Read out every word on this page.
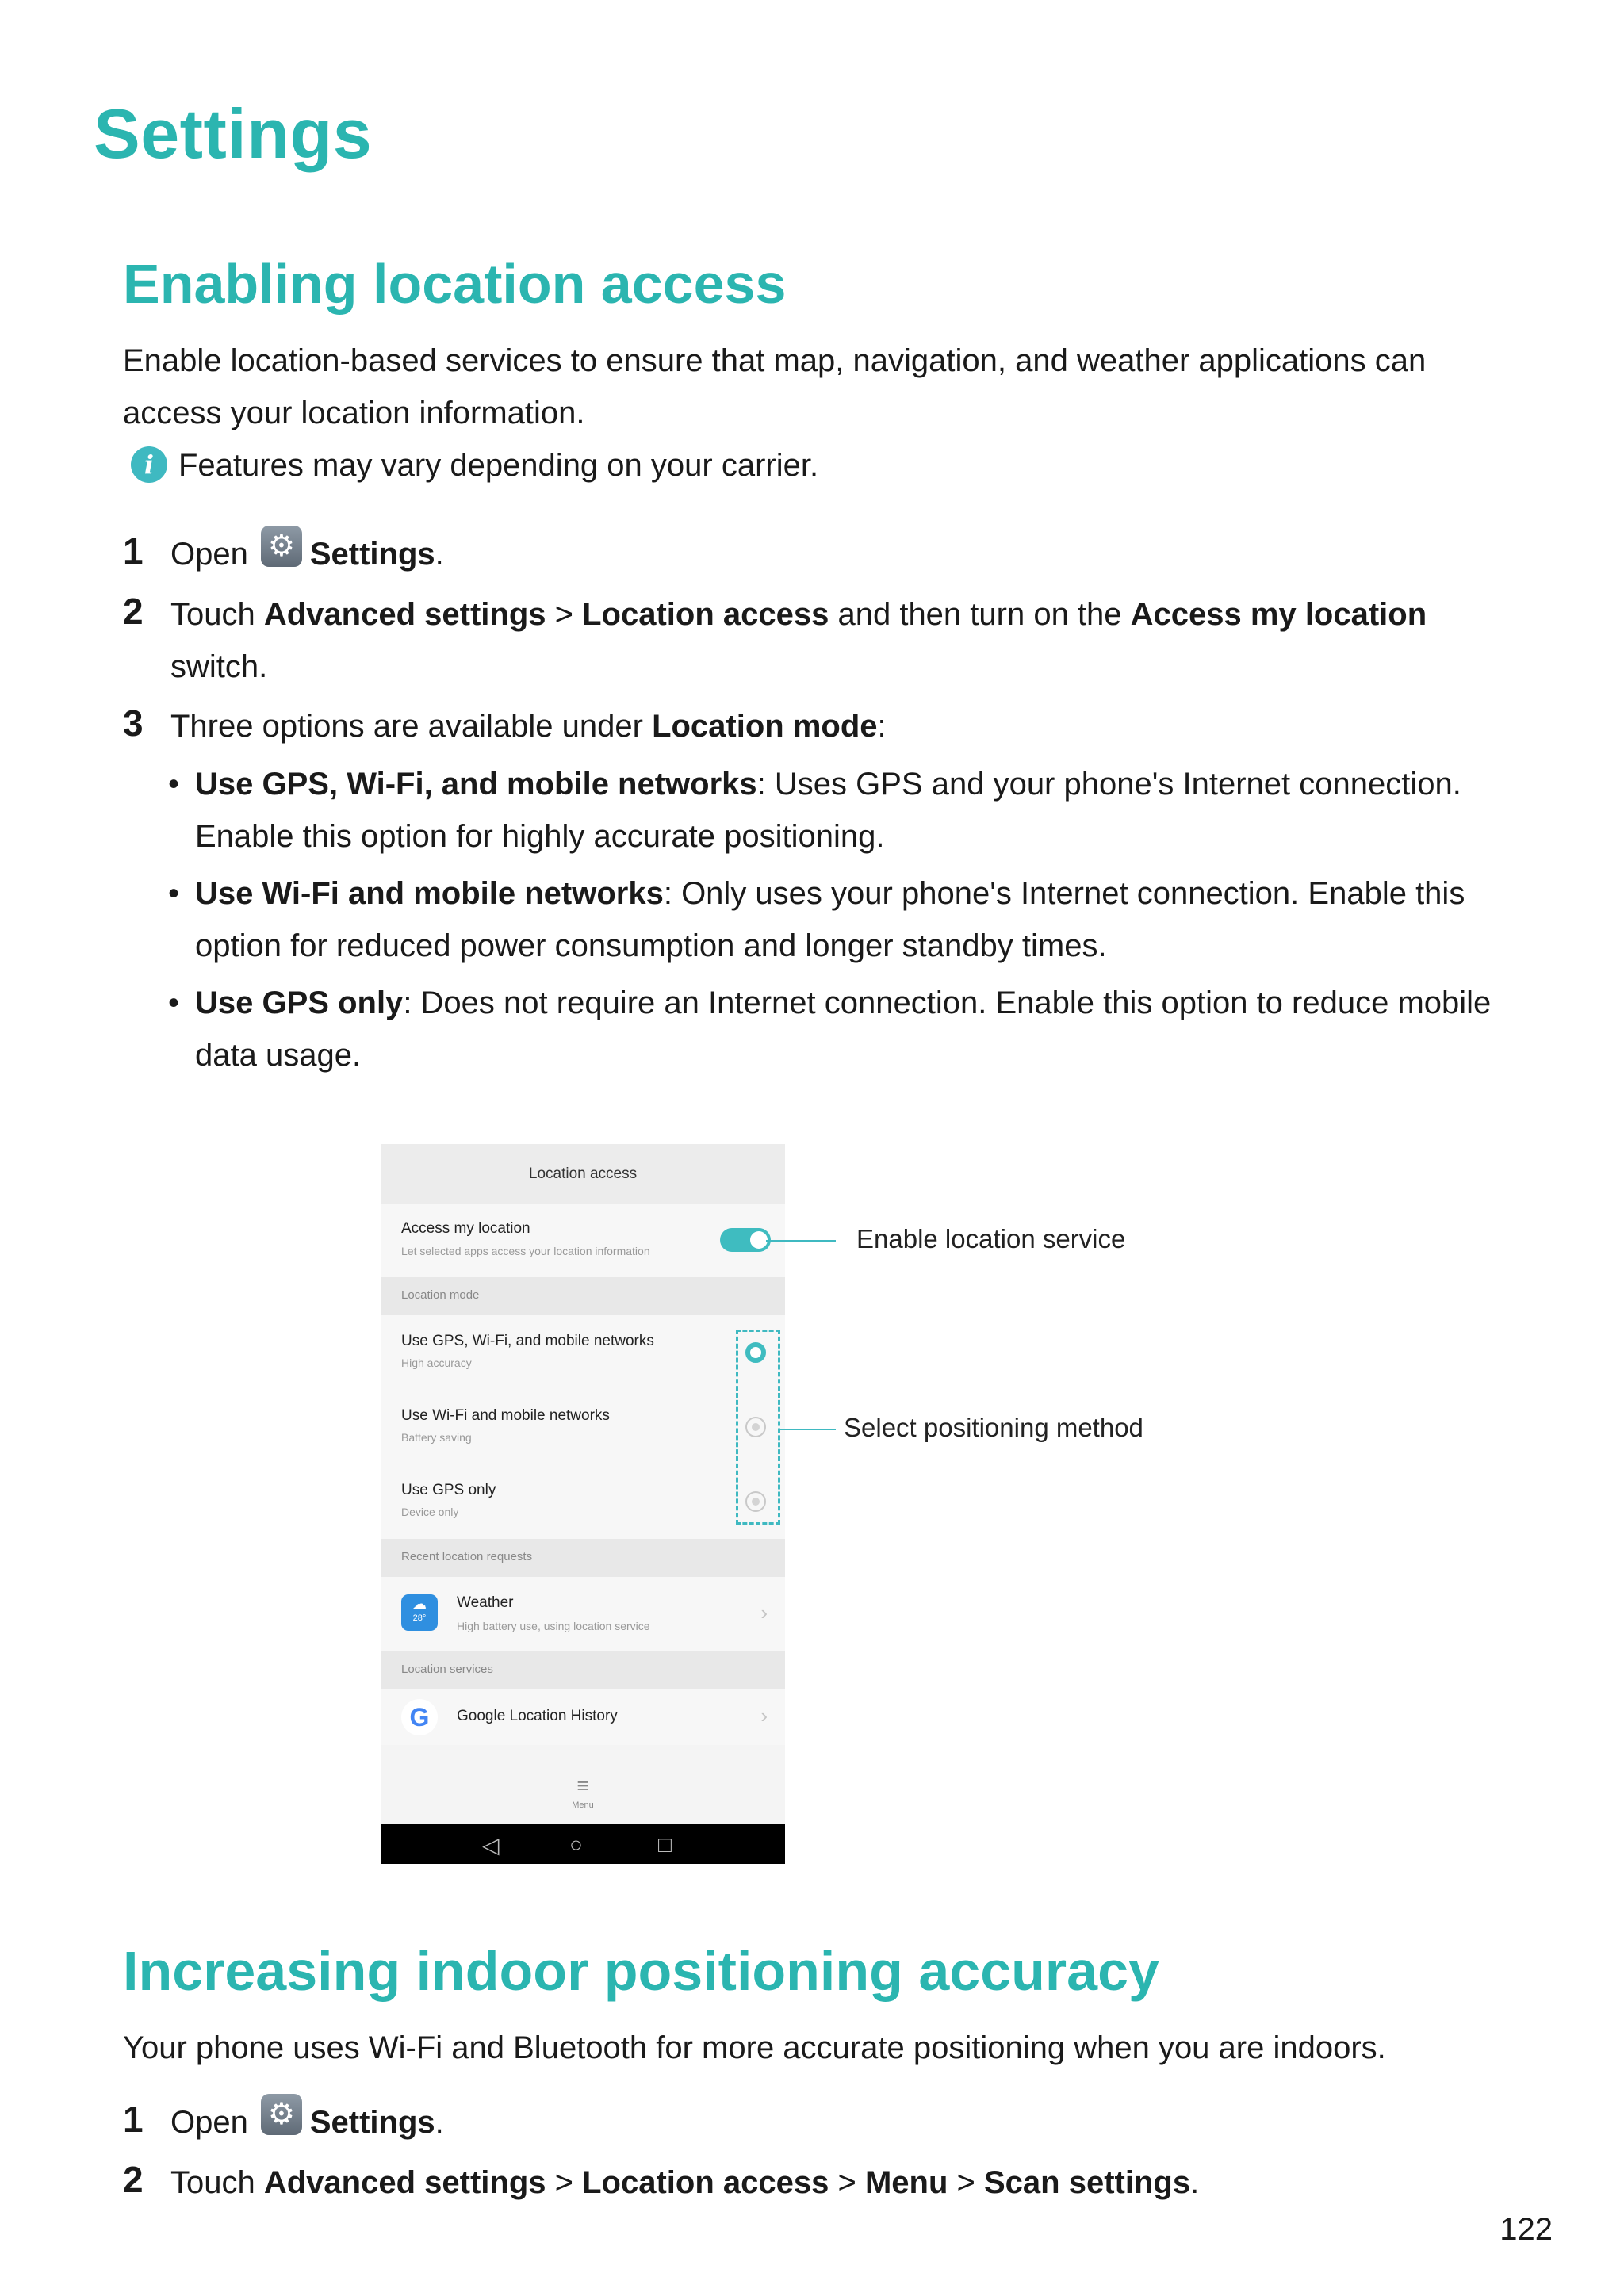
Settings
Enabling location access

Enable location-based services to ensure that map, navigation, and weather applications can access your location information.

i Features may vary depending on your carrier.
1 Open ⚙ Settings.
2 Touch Advanced settings > Location access and then turn on the Access my location switch.
3 Three options are available under Location mode:
• Use GPS, Wi-Fi, and mobile networks: Uses GPS and your phone's Internet connection. Enable this option for highly accurate positioning.
• Use Wi-Fi and mobile networks: Only uses your phone's Internet connection. Enable this option for reduced power consumption and longer standby times.
• Use GPS only: Does not require an Internet connection. Enable this option to reduce mobile data usage.
Location access
Access my location
Let selected apps access your location information
Location mode
Use GPS, Wi-Fi, and mobile networks
High accuracy
Use Wi-Fi and mobile networks
Battery saving
Use GPS only
Device only
Recent location requests
☁
28°
Weather
High battery use, using location service
›
Location services
G	Google Location History	›
≡
Menu
◁	○	□
Enable location service
Select positioning method
Increasing indoor positioning accuracy

Your phone uses Wi-Fi and Bluetooth for more accurate positioning when you are indoors.

1 Open ⚙ Settings.
2 Touch Advanced settings > Location access > Menu > Scan settings.
122
